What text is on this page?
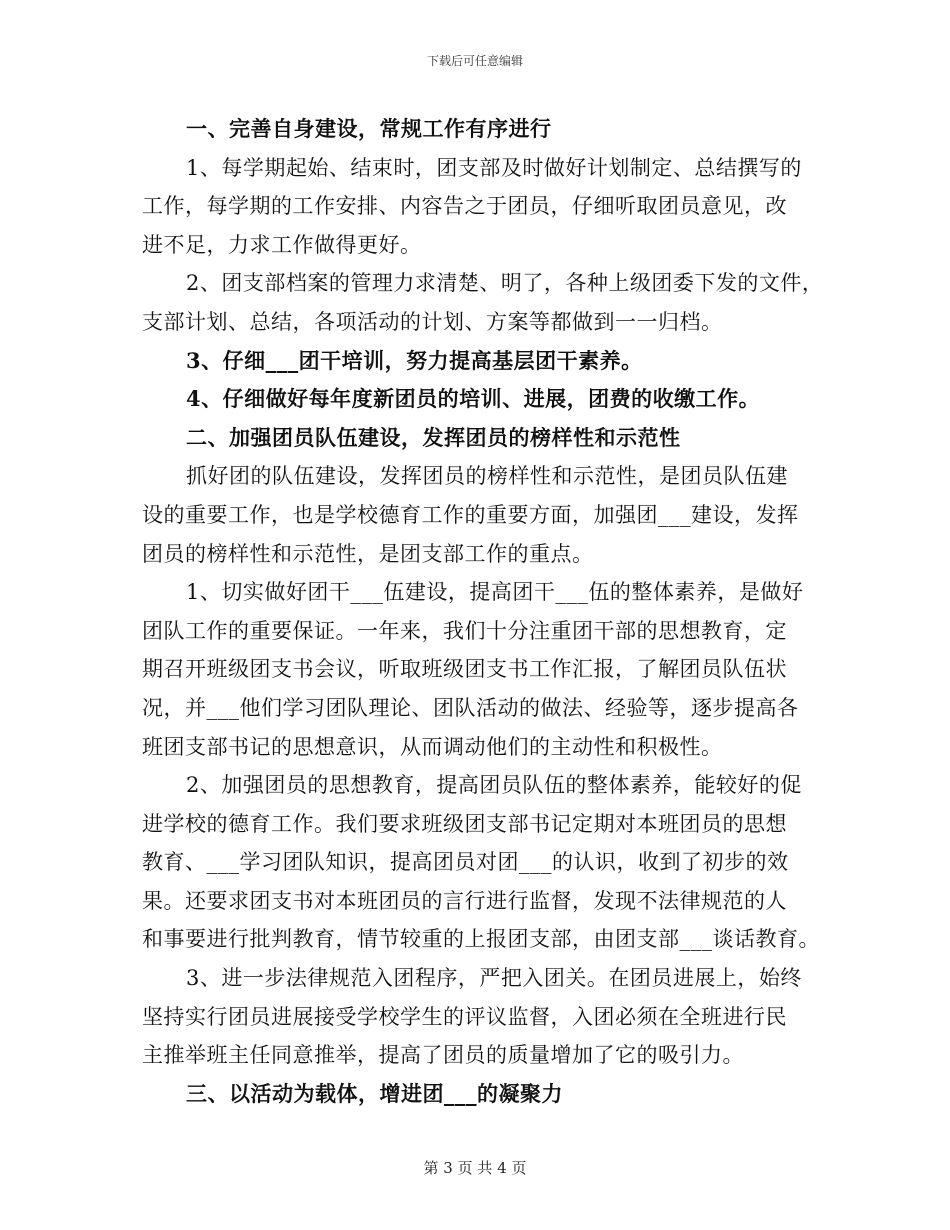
下载后可任意编辑
一、完善自身建设，常规工作有序进行
1、每学期起始、结束时，团支部及时做好计划制定、总结撰写的
工作，每学期的工作安排、内容告之于团员，仔细听取团员意见，改
进不足，力求工作做得更好。
2、团支部档案的管理力求清楚、明了，各种上级团委下发的文件，
支部计划、总结，各项活动的计划、方案等都做到一一归档。
3、仔细___团干培训，努力提高基层团干素养。
4、仔细做好每年度新团员的培训、进展，团费的收缴工作。
二、加强团员队伍建设，发挥团员的榜样性和示范性
抓好团的队伍建设，发挥团员的榜样性和示范性，是团员队伍建
设的重要工作，也是学校德育工作的重要方面，加强团___建设，发挥
团员的榜样性和示范性，是团支部工作的重点。
1、切实做好团干___伍建设，提高团干___伍的整体素养，是做好
团队工作的重要保证。一年来，我们十分注重团干部的思想教育，定
期召开班级团支书会议，听取班级团支书工作汇报，了解团员队伍状
况，并___他们学习团队理论、团队活动的做法、经验等，逐步提高各
班团支部书记的思想意识，从而调动他们的主动性和积极性。
2、加强团员的思想教育，提高团员队伍的整体素养，能较好的促
进学校的德育工作。我们要求班级团支部书记定期对本班团员的思想
教育、___学习团队知识，提高团员对团___的认识，收到了初步的效
果。还要求团支书对本班团员的言行进行监督，发现不法律规范的人
和事要进行批判教育，情节较重的上报团支部，由团支部___谈话教育。
3、进一步法律规范入团程序，严把入团关。在团员进展上，始终
坚持实行团员进展接受学校学生的评议监督，入团必须在全班进行民
主推举班主任同意推举，提高了团员的质量增加了它的吸引力。
三、以活动为载体，增进团___的凝聚力
第 3 页 共 4 页
